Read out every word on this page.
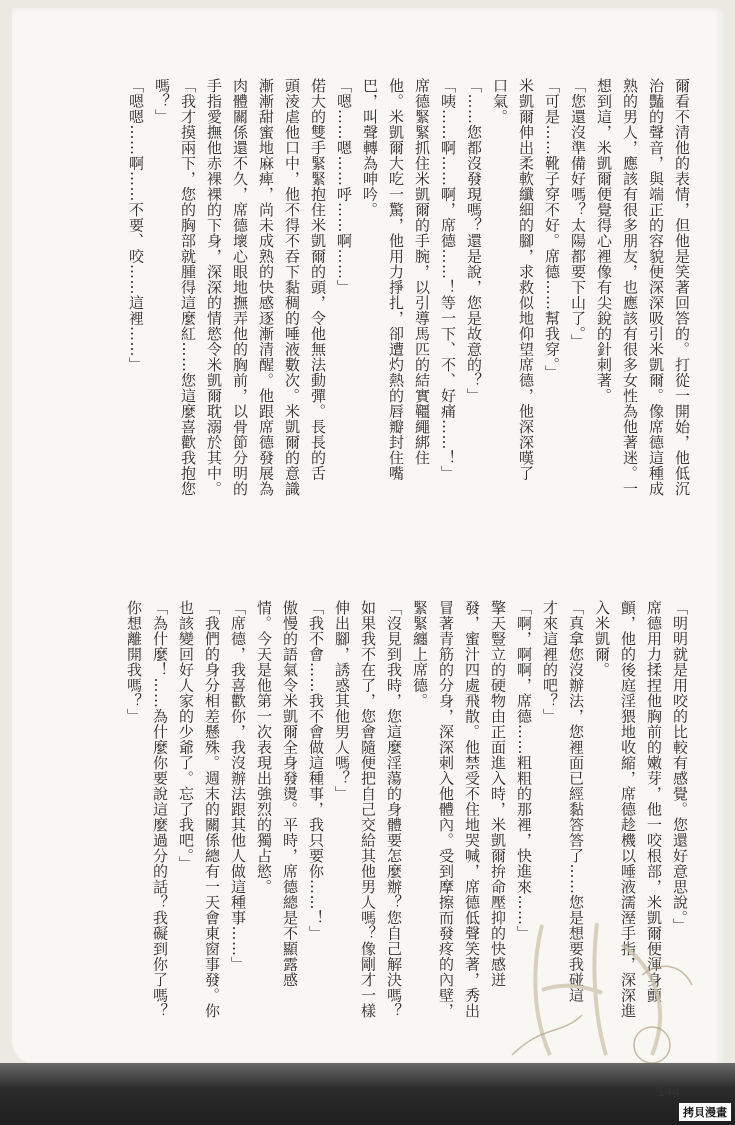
爾看不清他的表情，但他是笑著回答的。打從一開始，他低沉
治豔的聲音，與端正的容貌便深深吸引米凱爾。像席德這種成
熟的男人，應該有很多朋友，也應該有很多女性為他著迷。一
想到這，米凱爾便覺得心裡像有尖銳的針刺著。
「您還沒準備好嗎？太陽都要下山了。」
「可是……靴子穿不好。席德……幫我穿。」
米凱爾伸出柔軟纖細的腳，求救似地仰望席德，他深深嘆了
口氣。
「……您都沒發現嗎？還是說，您是故意的？」
「咦……啊……啊，席德……！等一下、不、好痛……！」
席德緊緊抓住米凱爾的手腕，以引導馬匹的結實韁繩綁住
他。米凱爾大吃一驚，他用力掙扎，卻遭灼熱的唇瓣封住嘴
巴，叫聲轉為呻吟。
「嗯……嗯……呼……啊……」
偌大的雙手緊緊抱住米凱爾的頭，令他無法動彈。長長的舌
頭淩虐他口中，他不得不吞下黏稠的唾液數次。米凱爾的意識
漸漸甜蜜地麻痺，尚未成熟的快感逐漸清醒。他跟席德發展為
肉體關係還不久，席德壞心眼地撫弄他的胸前，以骨節分明的
手指愛撫他赤裸裸的下身，深深的情慾令米凱爾耽溺於其中。
「我才摸兩下，您的胸部就腫得這麼紅……您這麼喜歡我抱您
嗎？」
「嗯嗯……啊……不要、咬……這裡……」
「明明就是用咬的比較有感覺。您還好意思說。」
席德用力揉捏他胸前的嫩芽，他一咬根部，米凱爾便渾身顫
顫，他的後庭淫猥地收縮，席德趁機以唾液濡溼手指，深深進
入米凱爾。
「真拿您沒辦法，您裡面已經黏答答了……您是想要我碰這
才來這裡的吧？」
「啊，啊啊，席德……粗粗的那裡，快進來……」
擎天豎立的硬物由正面進入時，米凱爾拚命壓抑的快感迸
發，蜜汁四處飛散。他禁受不住地哭喊，席德低聲笑著，秀出
冒著青筋的分身，深深刺入他體內。受到摩擦而發疼的內壁，
緊緊纏上席德。
「沒見到我時，您這麼淫蕩的身體要怎麼辦？您自己解決嗎？
如果我不在了，您會隨便把自己交給其他男人嗎？像剛才一樣
伸出腳，誘惑其他男人嗎？」
「我不會……我不會做這種事，我只要你……！」
傲慢的語氣令米凱爾全身發燙。平時，席德總是不顯露感
情。今天是他第一次表現出強烈的獨占慾。
「席德，我喜歡你，我沒辦法跟其他人做這種事……」
「我們的身分相差懸殊。週末的關係總有一天會東窗事發。你
也該變回好人家的少爺了。忘了我吧。」
「為什麼！……為什麼你要說這麼過分的話？我礙到你了嗎？
你想離開我嗎？」
144
拷貝漫畫
